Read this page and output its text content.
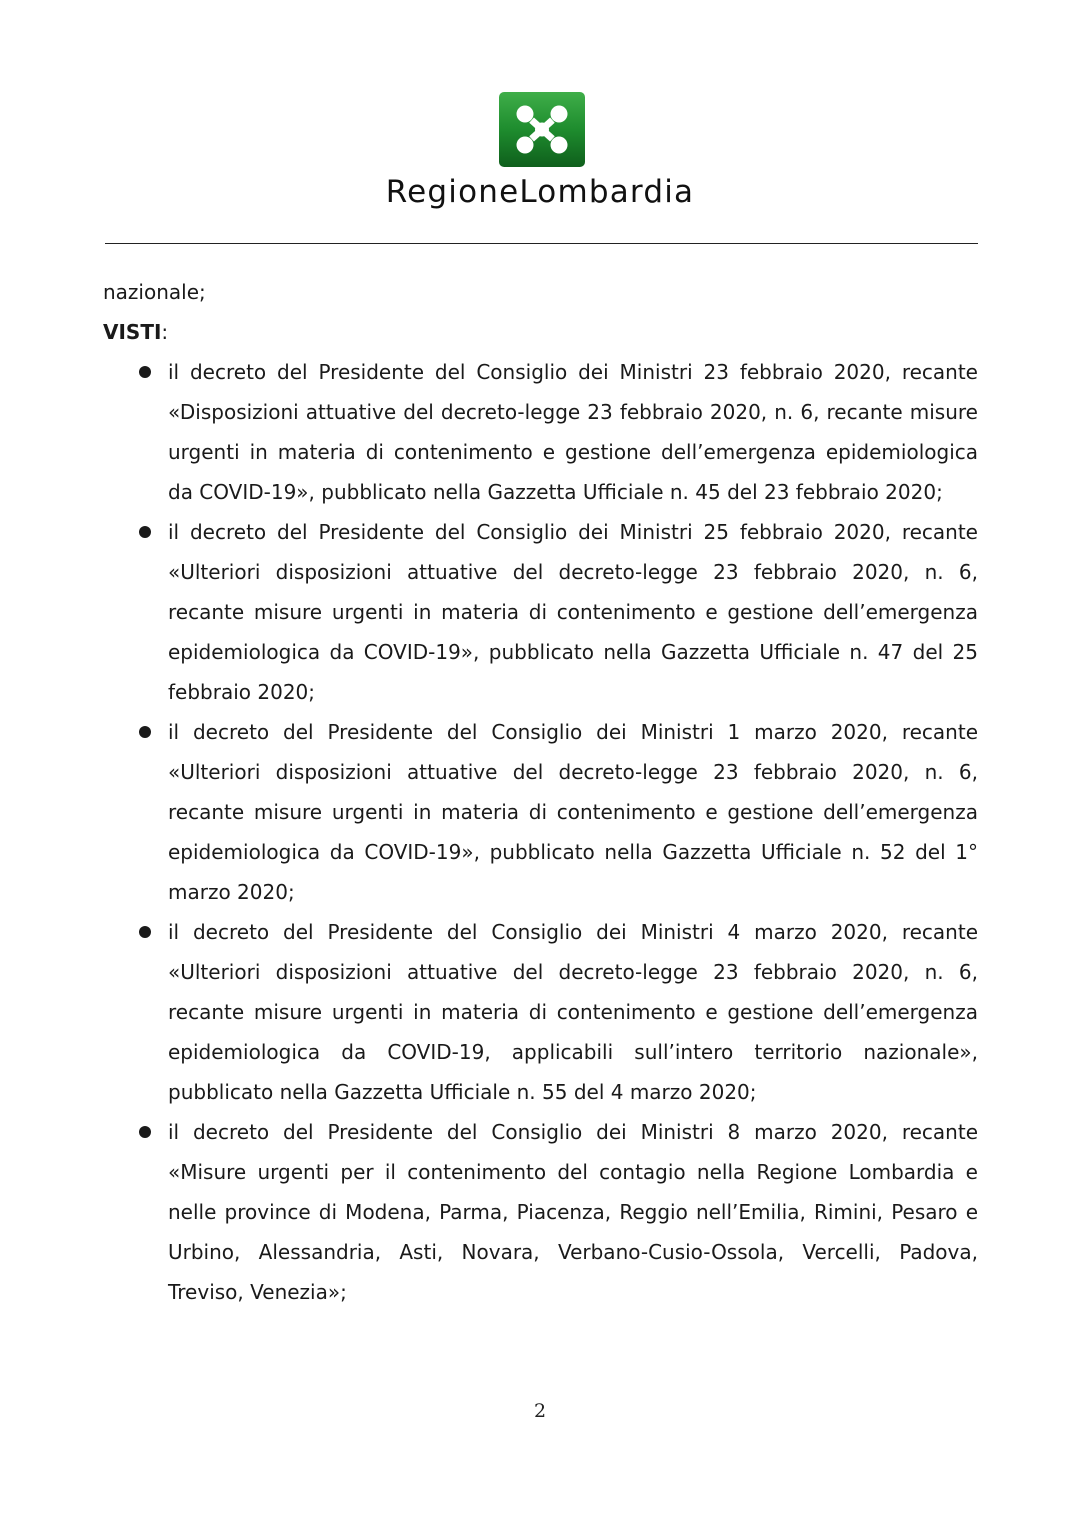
RegioneLombardia

nazionale;

VISTI:

il decreto del Presidente del Consiglio dei Ministri 23 febbraio 2020, recante «Disposizioni attuative del decreto-legge 23 febbraio 2020, n. 6, recante misure urgenti in materia di contenimento e gestione dell’emergenza epidemiologica da COVID-19», pubblicato nella Gazzetta Ufficiale n. 45 del 23 febbraio 2020;
il decreto del Presidente del Consiglio dei Ministri 25 febbraio 2020, recante «Ulteriori disposizioni attuative del decreto-legge 23 febbraio 2020, n. 6, recante misure urgenti in materia di contenimento e gestione dell’emergenza epidemiologica da COVID-19», pubblicato nella Gazzetta Ufficiale n. 47 del 25 febbraio 2020;
il decreto del Presidente del Consiglio dei Ministri 1 marzo 2020, recante «Ulteriori disposizioni attuative del decreto-legge 23 febbraio 2020, n. 6, recante misure urgenti in materia di contenimento e gestione dell’emergenza epidemiologica da COVID-19», pubblicato nella Gazzetta Ufficiale n. 52 del 1° marzo 2020;
il decreto del Presidente del Consiglio dei Ministri 4 marzo 2020, recante «Ulteriori disposizioni attuative del decreto-legge 23 febbraio 2020, n. 6, recante misure urgenti in materia di contenimento e gestione dell’emergenza epidemiologica da COVID-19, applicabili sull’intero territorio nazionale», pubblicato nella Gazzetta Ufficiale n. 55 del 4 marzo 2020;
il decreto del Presidente del Consiglio dei Ministri 8 marzo 2020, recante «Misure urgenti per il contenimento del contagio nella Regione Lombardia e nelle province di Modena, Parma, Piacenza, Reggio nell’Emilia, Rimini, Pesaro e Urbino, Alessandria, Asti, Novara, Verbano-Cusio-Ossola, Vercelli, Padova, Treviso, Venezia»;
2
